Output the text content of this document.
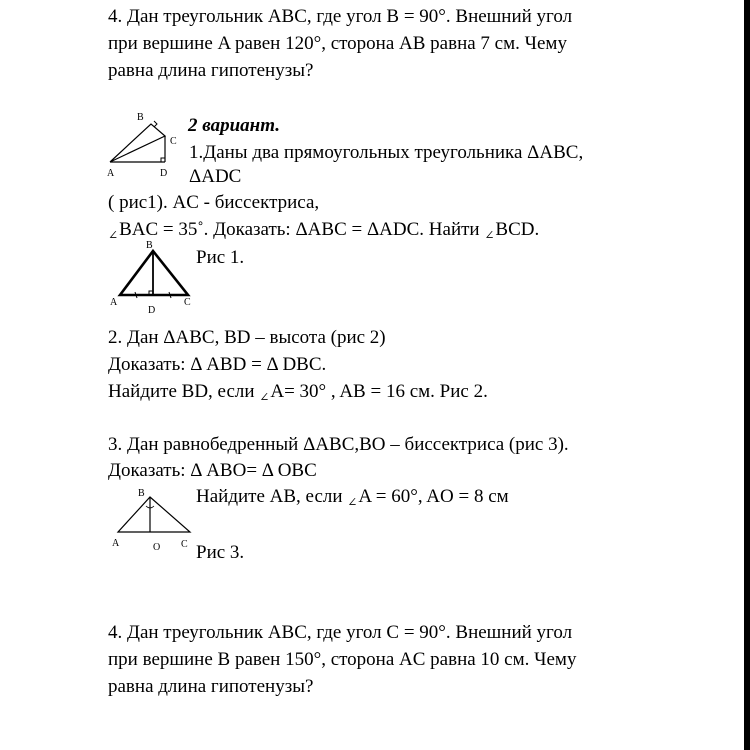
4. Дан треугольник ABC, где угол B = 90°. Внешний угол
при вершине A равен 120°, сторона AB равна 7 см. Чему
равна длина гипотенузы?
B
C
A	D
2 вариант.
1.Даны два прямоугольных треугольника ΔABC,
ΔADC
( рис1). AC - биссектриса,
∠BAC = 35˚. Доказать: ΔABC = ΔADC. Найти ∠BCD.
B
A	C
D
Рис 1.
2. Дан ΔABC, BD – высота (рис 2)
Доказать: Δ ABD = Δ DBC.
Найдите BD, если ∠A= 30° , AB = 16 см. Рис 2.
3. Дан равнобедренный ΔABC,BO – биссектриса (рис 3).
Доказать: Δ ABO= Δ OBC
B
A	O C
Найдите AB, если ∠A = 60°, AO = 8 см
Рис 3.
4. Дан треугольник ABC, где угол C = 90°. Внешний угол
при вершине B равен 150°, сторона AC равна 10 см. Чему
равна длина гипотенузы?
